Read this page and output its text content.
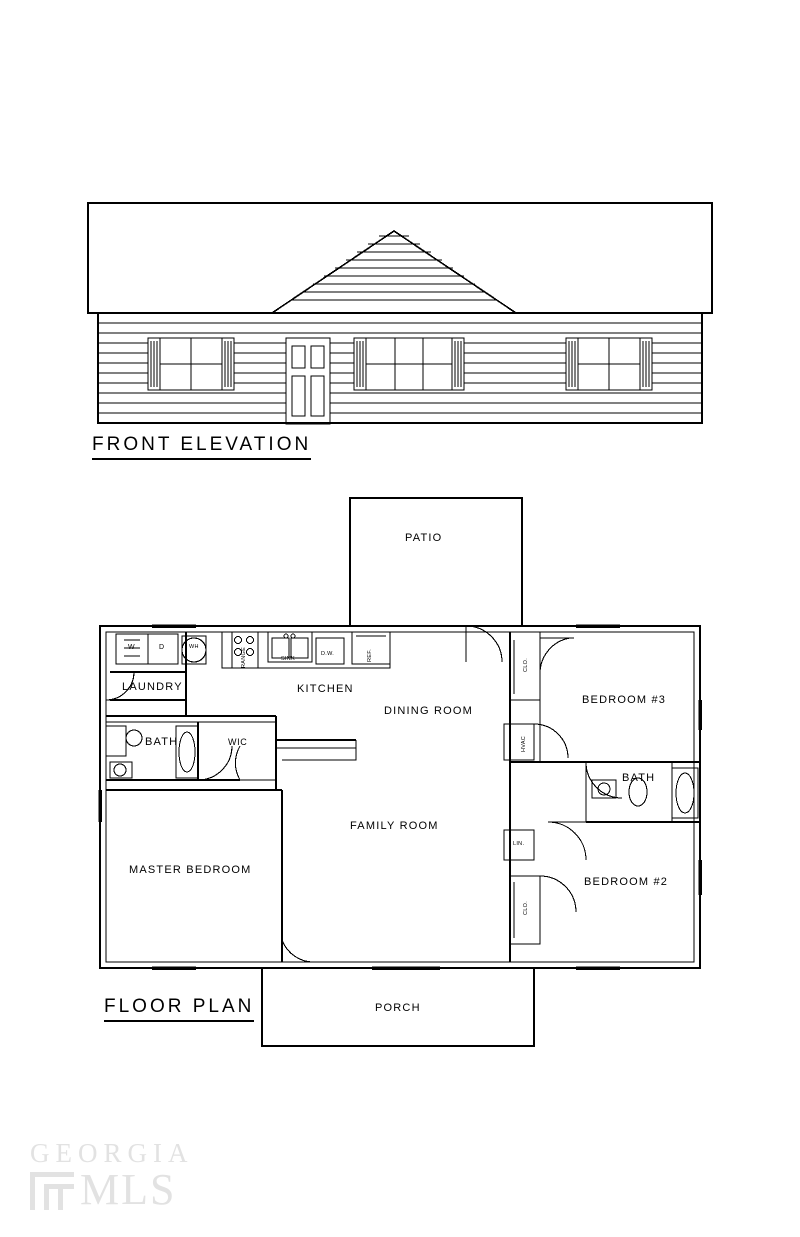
FRONT ELEVATION
FLOOR PLAN
PATIO
KITCHEN
LAUNDRY
BATH	WIC
DINING ROOM
BEDROOM #3
BATH
FAMILY ROOM
BEDROOM #2
MASTER BEDROOM
PORCH
W	D	WH	RANGE	SINK
D.W.	REF.
CLO.
HVAC
LIN.
CLO.
GEORGIA
MLS
